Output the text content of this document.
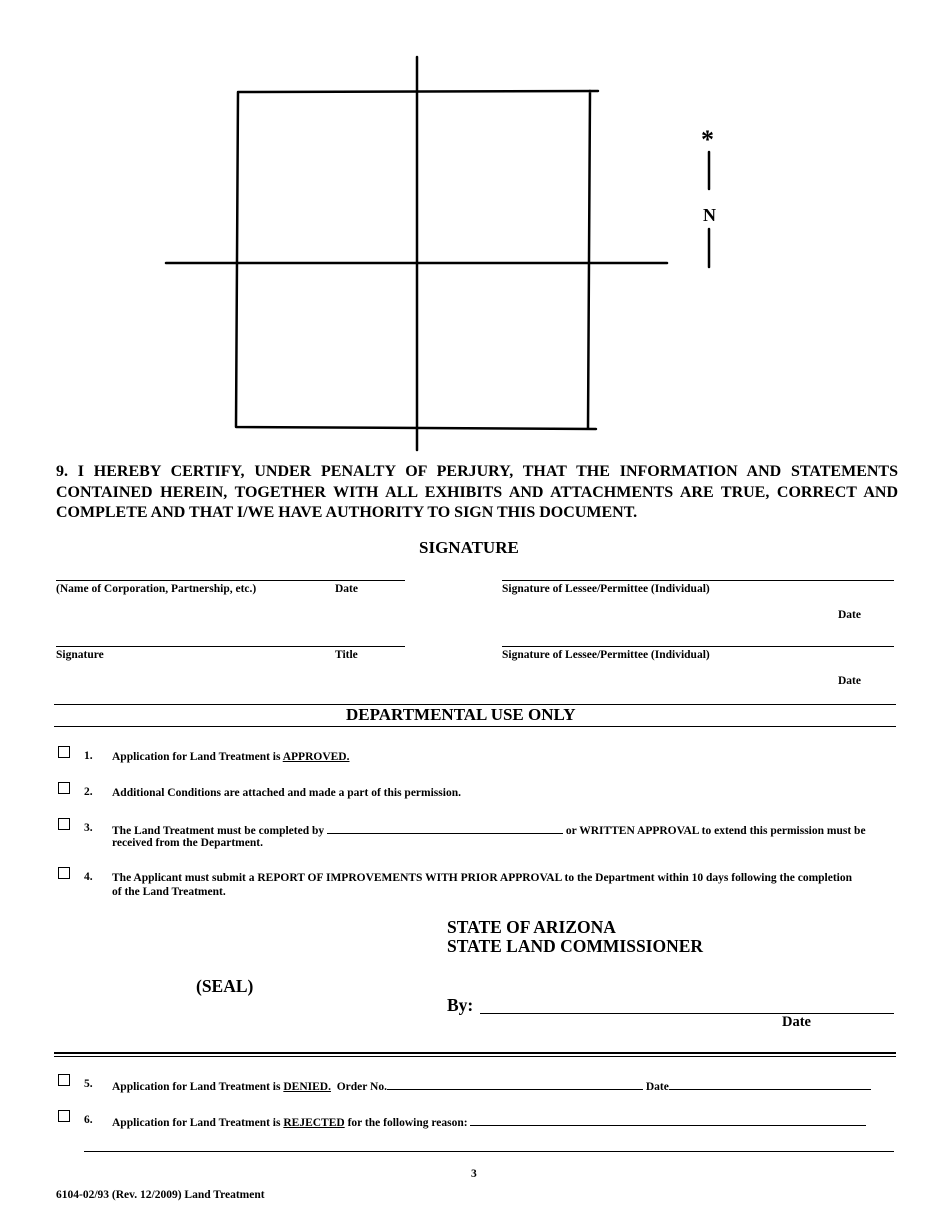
*
N
9. I HEREBY CERTIFY, UNDER PENALTY OF PERJURY, THAT THE INFORMATION AND STATEMENTS CONTAINED HEREIN, TOGETHER WITH ALL EXHIBITS AND ATTACHMENTS ARE TRUE, CORRECT AND COMPLETE AND THAT I/WE HAVE AUTHORITY TO SIGN THIS DOCUMENT.
SIGNATURE
(Name of Corporation, Partnership, etc.)	Date	Signature of Lessee/Permittee (Individual)
Date
Signature	Title	Signature of Lessee/Permittee (Individual)
Date
DEPARTMENTAL USE ONLY
1. Application for Land Treatment is APPROVED.
2. Additional Conditions are attached and made a part of this permission.
3. The Land Treatment must be completed by	or WRITTEN APPROVAL to extend this permission must be
received from the Department.
4. The Applicant must submit a REPORT OF IMPROVEMENTS WITH PRIOR APPROVAL to the Department within 10 days following the completion
of the Land Treatment.
STATE OF ARIZONA
STATE LAND COMMISSIONER
(SEAL)
By:
Date
5. Application for Land Treatment is DENIED. Order No.	Date
6. Application for Land Treatment is REJECTED for the following reason:
3
6104-02/93 (Rev. 12/2009) Land Treatment
